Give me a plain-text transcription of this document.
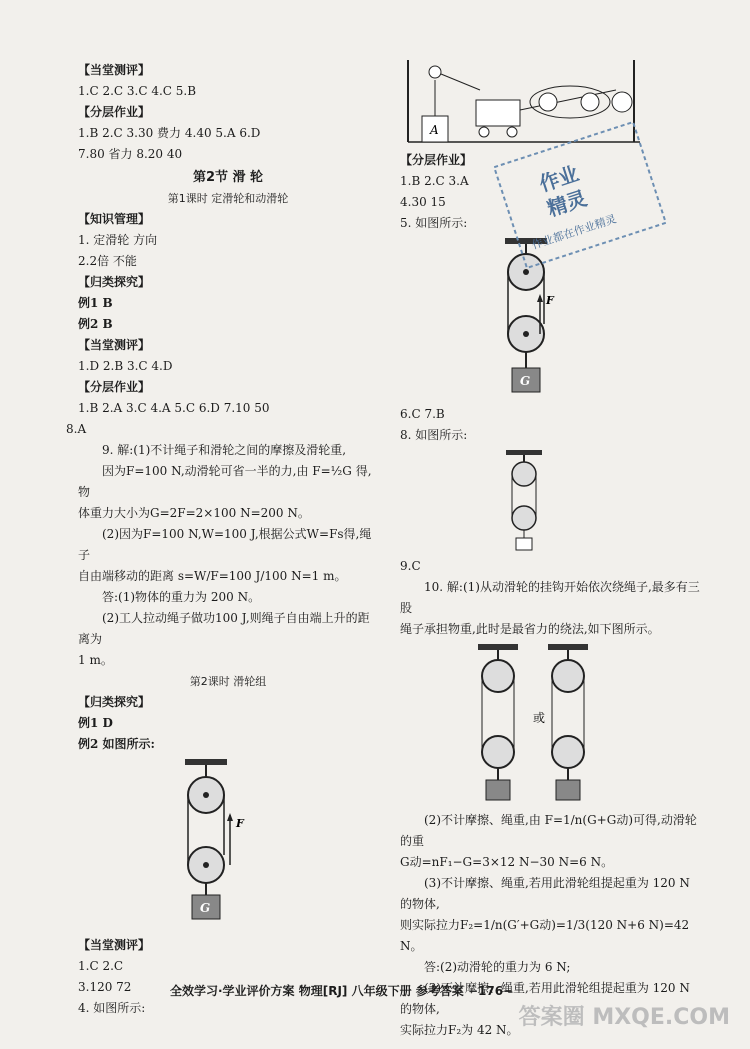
【当堂测评】
1.C 2.C 3.C 4.C 5.B
【分层作业】
1.B 2.C 3.30 费力 4.40 5.A 6.D
7.80 省力 8.20 40
第2节 滑 轮
第1课时 定滑轮和动滑轮
【知识管理】
1. 定滑轮 方向
2.2倍 不能
【归类探究】
例1 B
例2 B
【当堂测评】
1.D 2.B 3.C 4.D
【分层作业】
1.B 2.A 3.C 4.A 5.C 6.D 7.10 50
8.A
9. 解:(1)不计绳子和滑轮之间的摩擦及滑轮重,
因为F=100 N,动滑轮可省一半的力,由 F=½G 得,物
体重力大小为G=2F=2×100 N=200 N。
(2)因为F=100 N,W=100 J,根据公式W=Fs得,绳子
自由端移动的距离 s=W/F=100 J/100 N=1 m。
答:(1)物体的重力为 200 N。
(2)工人拉动绳子做功100 J,则绳子自由端上升的距离为
1 m。
第2课时 滑轮组
【归类探究】
例1 D
例2 如图所示:
F
G
【当堂测评】
1.C 2.C
3.120 72
4. 如图所示:
A
【分层作业】
1.B 2.C 3.A
4.30 15
5. 如图所示:
F
G
6.C 7.B
8. 如图所示:
9.C
10. 解:(1)从动滑轮的挂钩开始依次绕绳子,最多有三股
绳子承担物重,此时是最省力的绕法,如下图所示。
或
(2)不计摩擦、绳重,由 F=1/n(G+G动)可得,动滑轮的重
G动=nF₁−G=3×12 N−30 N=6 N。
(3)不计摩擦、绳重,若用此滑轮组提起重为 120 N 的物体,
则实际拉力F₂=1/n(G′+G动)=1/3(120 N+6 N)=42 N。
答:(2)动滑轮的重力为 6 N;
(3)不计摩擦、绳重,若用此滑轮组提起重为 120 N 的物体,
实际拉力F₂为 42 N。
作业
精灵
作业都在作业精灵
全效学习·学业评价方案 物理[RJ] 八年级下册 参考答案 −176−
答案圈 MXQE.COM
